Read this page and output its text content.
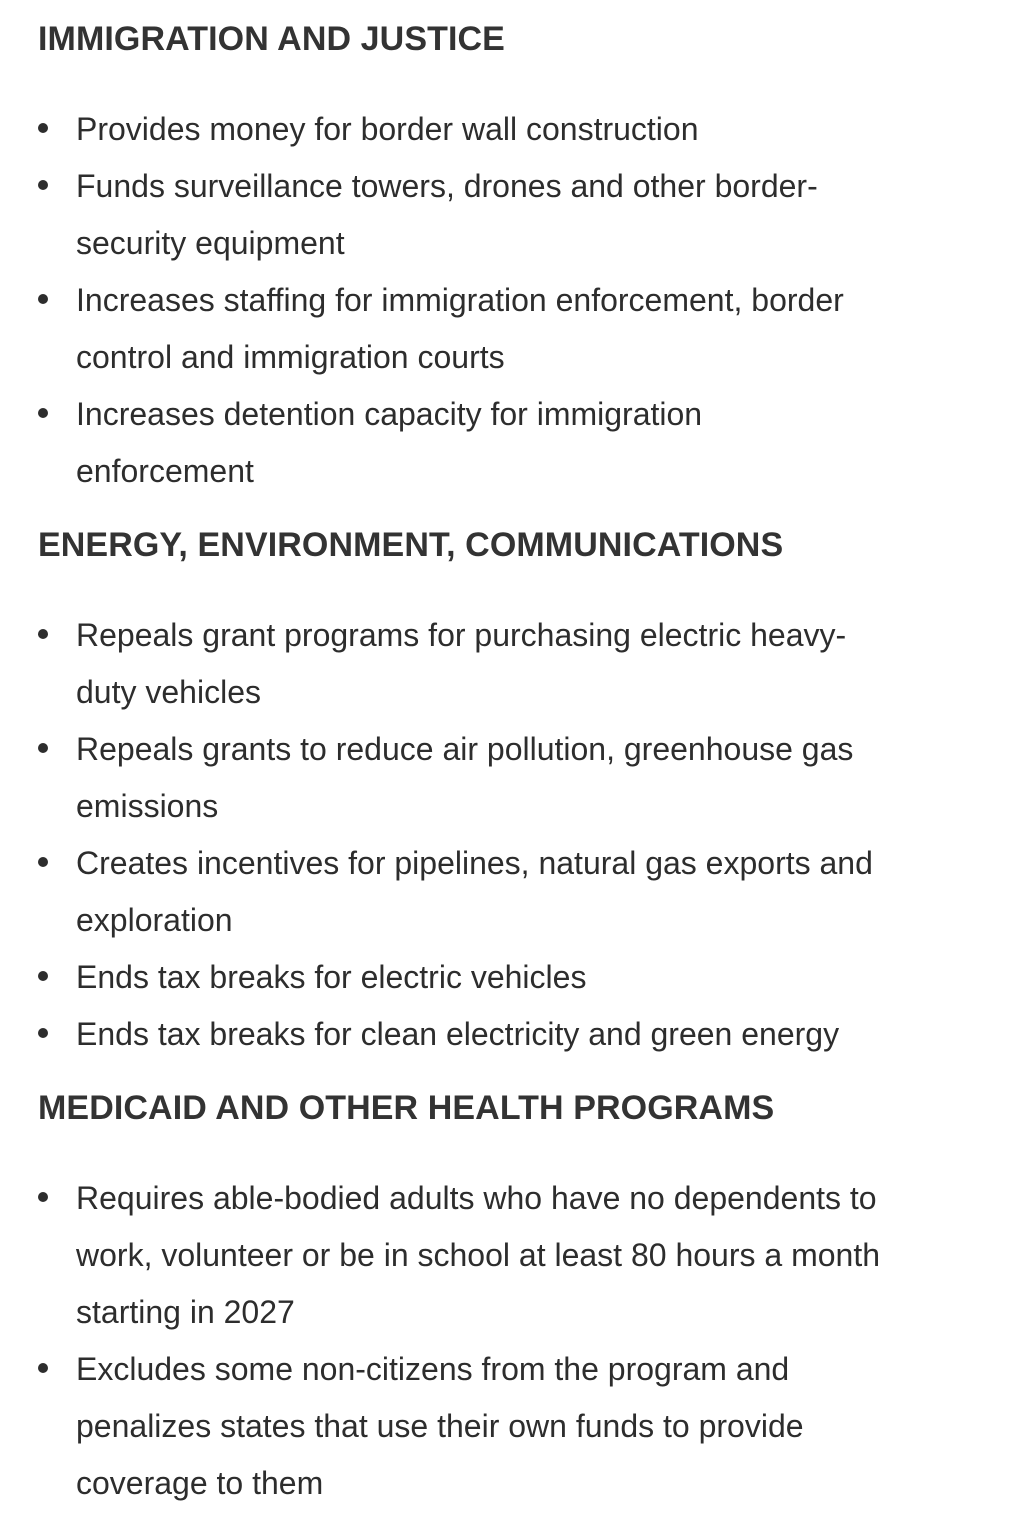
IMMIGRATION AND JUSTICE
Provides money for border wall construction
Funds surveillance towers, drones and other border-
security equipment
Increases staffing for immigration enforcement, border
control and immigration courts
Increases detention capacity for immigration
enforcement
ENERGY, ENVIRONMENT, COMMUNICATIONS
Repeals grant programs for purchasing electric heavy-
duty vehicles
Repeals grants to reduce air pollution, greenhouse gas
emissions
Creates incentives for pipelines, natural gas exports and
exploration
Ends tax breaks for electric vehicles
Ends tax breaks for clean electricity and green energy
MEDICAID AND OTHER HEALTH PROGRAMS
Requires able-bodied adults who have no dependents to
work, volunteer or be in school at least 80 hours a month
starting in 2027
Excludes some non-citizens from the program and
penalizes states that use their own funds to provide
coverage to them
